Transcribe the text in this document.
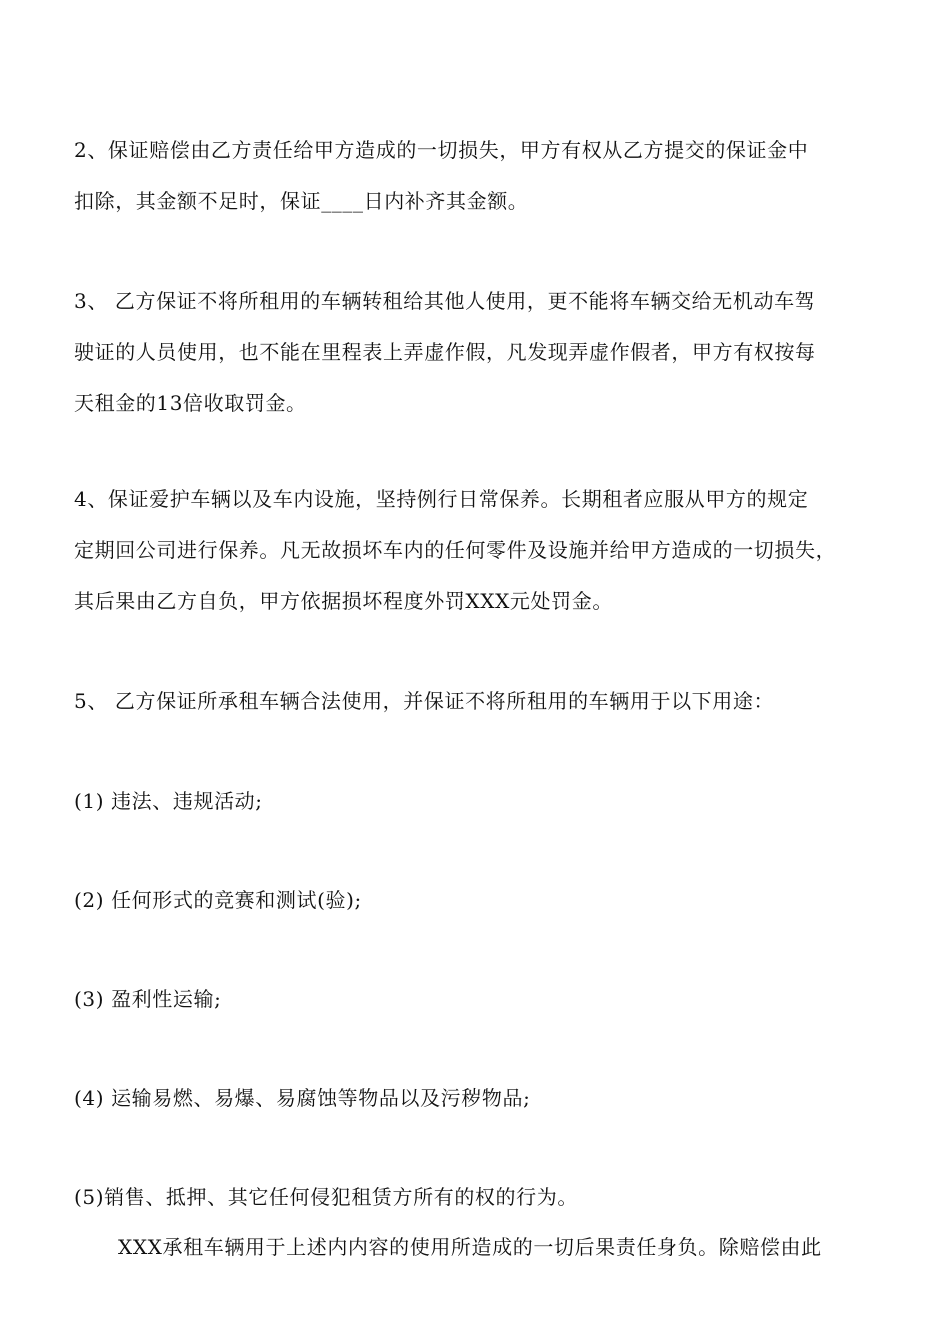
2、保证赔偿由乙方责任给甲方造成的一切损失，甲方有权从乙方提交的保证金中
扣除，其金额不足时，保证____日内补齐其金额。
3、 乙方保证不将所租用的车辆转租给其他人使用，更不能将车辆交给无机动车驾
驶证的人员使用，也不能在里程表上弄虚作假，凡发现弄虚作假者，甲方有权按每
天租金的13倍收取罚金。
4、保证爱护车辆以及车内设施，坚持例行日常保养。长期租者应服从甲方的规定
定期回公司进行保养。凡无故损坏车内的任何零件及设施并给甲方造成的一切损失，
其后果由乙方自负，甲方依据损坏程度外罚XXX元处罚金。
5、 乙方保证所承租车辆合法使用，并保证不将所租用的车辆用于以下用途：
(1) 违法、违规活动;
(2) 任何形式的竞赛和测试(验);
(3) 盈利性运输;
(4) 运输易燃、易爆、易腐蚀等物品以及污秽物品;
(5)销售、抵押、其它任何侵犯租赁方所有的权的行为。
XXX承租车辆用于上述内内容的使用所造成的一切后果责任身负。除赔偿由此
